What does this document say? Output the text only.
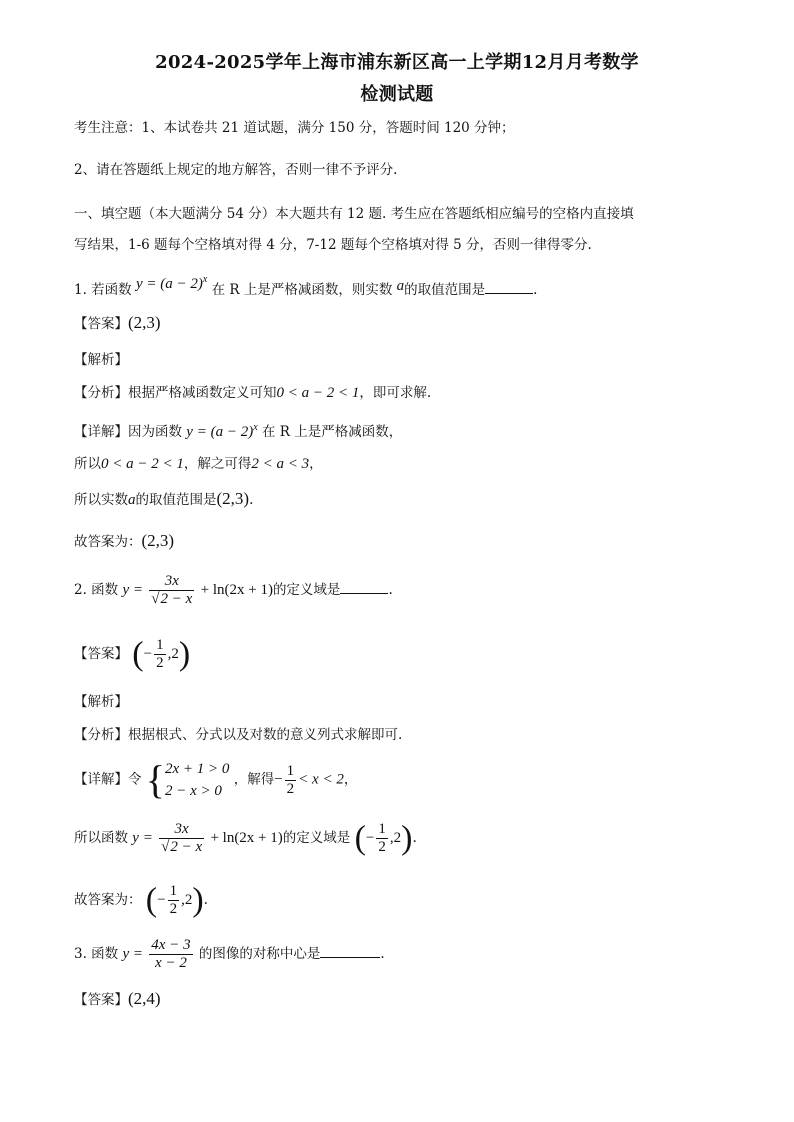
2024-2025学年上海市浦东新区高一上学期12月月考数学
检测试题
考生注意：1、本试卷共 21 道试题，满分 150 分，答题时间 120 分钟；
2、请在答题纸上规定的地方解答，否则一律不予评分.
一、填空题（本大题满分 54 分）本大题共有 12 题. 考生应在答题纸相应编号的空格内直接填
写结果，1-6 题每个空格填对得 4 分，7-12 题每个空格填对得 5 分，否则一律得零分.
1. 若函数 $y = (a - 2)^x$ 在 R 上是严格减函数，则实数 a的取值范围是	.
【答案】(2,3)
【解析】
【分析】根据严格减函数定义可知0 < a − 2 < 1，即可求解.
【详解】因为函数 $y = (a - 2)^x$ 在 R 上是严格减函数，
所以0 < a − 2 < 1，解之可得2 < a < 3，
所以实数a的取值范围是(2,3).
故答案为：(2,3)
2. 函数 $y = \frac{3x}{√2 - x} + \ln(2x + 1)$的定义域是	.
【答案】 (− $\frac{1}{2} ,2$)
【解析】
【分析】根据根式、分式以及对数的意义列式求解即可.
【详解】令 { 2x + 1 > 0
2 − x > 0
，解得− $\frac{1}{2} < x < 2$，
所以函数 $y = \frac{3x}{√2 - x} + \ln(2x + 1)$的定义域是 (− $\frac{1}{2} ,2$).
故答案为： (− $\frac{1}{2} ,2$).
3. 函数 $y = \frac{4x - 3}{x - 2}$ 的图像的对称中心是	.
【答案】(2,4)
